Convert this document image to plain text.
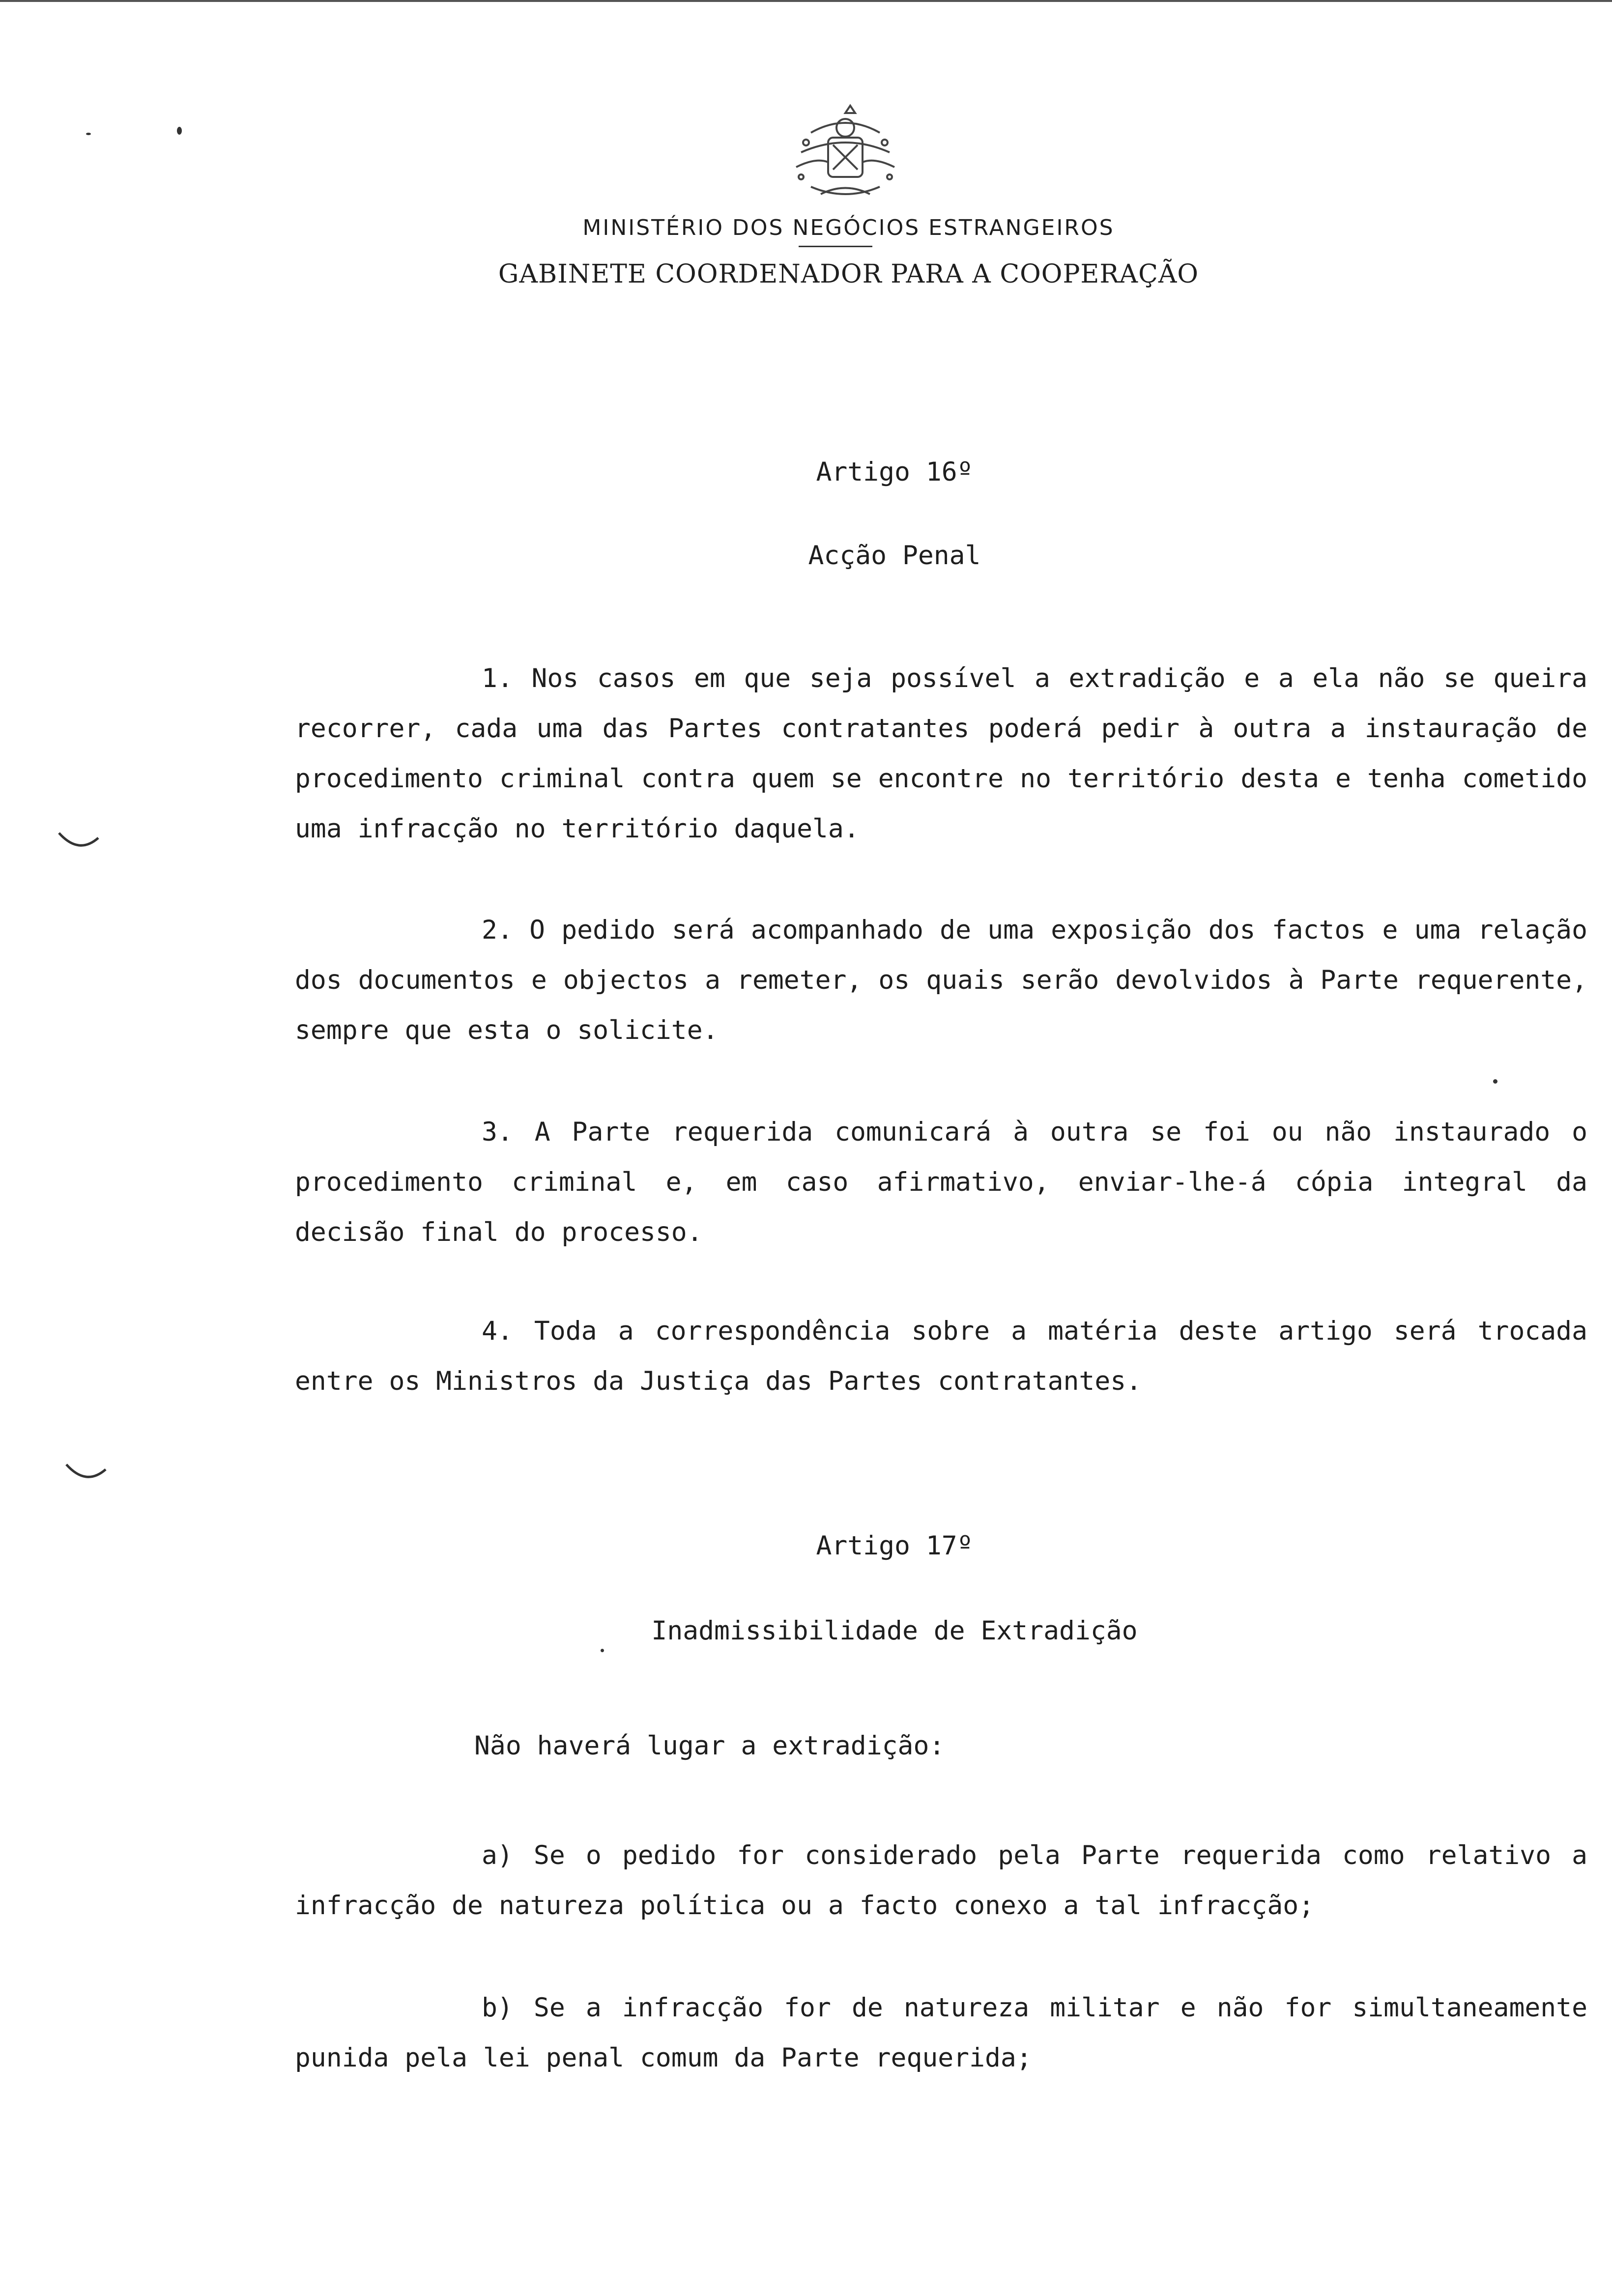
MINISTÉRIO DOS NEGÓCIOS ESTRANGEIROS
GABINETE COORDENADOR PARA A COOPERAÇÃO
Artigo 16º
Acção Penal

1. Nos casos em que seja possível a extradição e a ela não se queira recorrer, cada uma das Partes contratantes poderá pedir à outra a instauração de procedimento criminal contra quem se encontre no território desta e tenha cometido uma infracção no território daquela.

2. O pedido será acompanhado de uma exposição dos factos e uma relação dos documentos e objectos a remeter, os quais serão devolvidos à Parte requerente, sempre que esta o solicite.

3. A Parte requerida comunicará à outra se foi ou não instaurado o procedimento criminal e, em caso afirmativo, enviar-lhe-á cópia integral da decisão final do processo.

4. Toda a correspondência sobre a matéria deste artigo será trocada entre os Ministros da Justiça das Partes contratantes.

Artigo 17º
Inadmissibilidade de Extradição
Não haverá lugar a extradição:

a) Se o pedido for considerado pela Parte requerida como relativo a infracção de natureza política ou a facto conexo a tal infracção;

b) Se a infracção for de natureza militar e não for simultaneamente punida pela lei penal comum da Parte requerida;
